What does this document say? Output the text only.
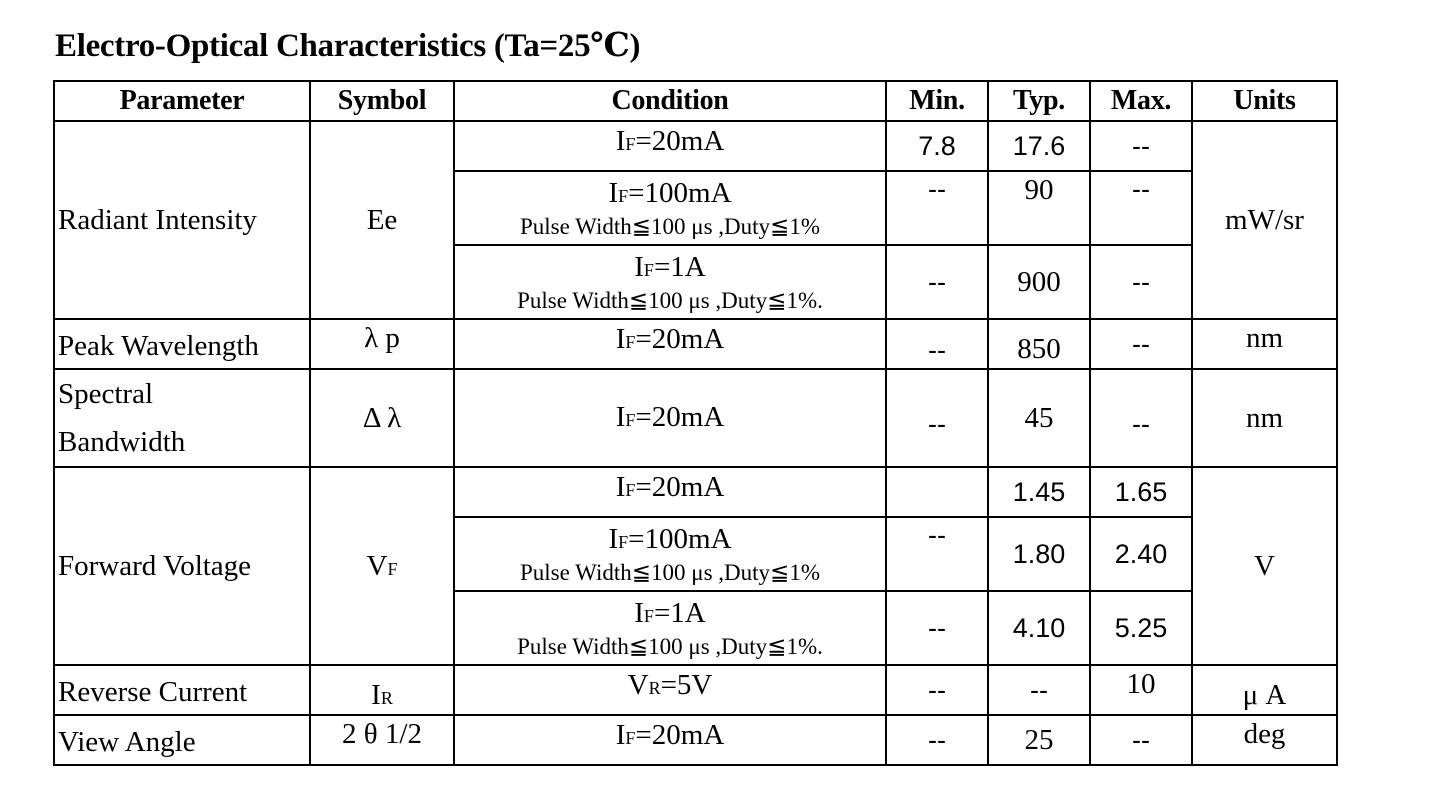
Electro-Optical Characteristics (Ta=25℃)
Parameter	Symbol	Condition	Min.	Typ.	Max.	Units
Radiant Intensity	Ee	IF=20mA	7.8	17.6	--	mW/sr

		IF=100mA
Pulse Width≦100 μs ,Duty≦1%	--	90	--	

		IF=1A
Pulse Width≦100 μs ,Duty≦1%.	--	900	--	
Peak Wavelength	λ p	IF=20mA	--	850	--	nm

Spectral
Bandwidth	Δ λ	IF=20mA	--	45	--	nm
Forward Voltage	VF	IF=20mA		1.45	1.65	V

		IF=100mA
Pulse Width≦100 μs ,Duty≦1%	--	1.80	2.40	

		IF=1A
Pulse Width≦100 μs ,Duty≦1%.	--	4.10	5.25	
Reverse Current	IR	VR=5V	--	--	10	μ A
View Angle	2 θ 1/2	IF=20mA	--	25	--	deg
